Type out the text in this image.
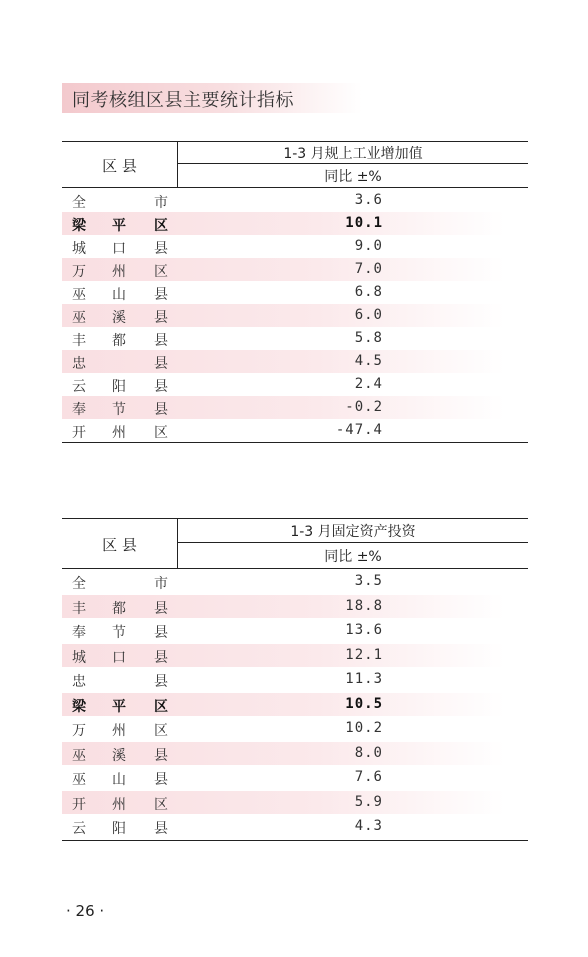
同考核组区县主要统计指标
区 县
1-3 月规上工业增加值
同比 ±%
全	市	3.6
梁 平 区	10.1
城 口 县	9.0
万 州 区	7.0
巫 山 县	6.8
巫 溪 县	6.0
丰 都 县	5.8
忠	县	4.5
云 阳 县	2.4
奉 节 县	-0.2
开 州 区	-47.4
区 县
1-3 月固定资产投资
同比 ±%
全	市	3.5
丰 都 县	18.8
奉 节 县	13.6
城 口 县	12.1
忠	县	11.3
梁 平 区	10.5
万 州 区	10.2
巫 溪 县	8.0
巫 山 县	7.6
开 州 区	5.9
云 阳 县	4.3
· 26 ·
